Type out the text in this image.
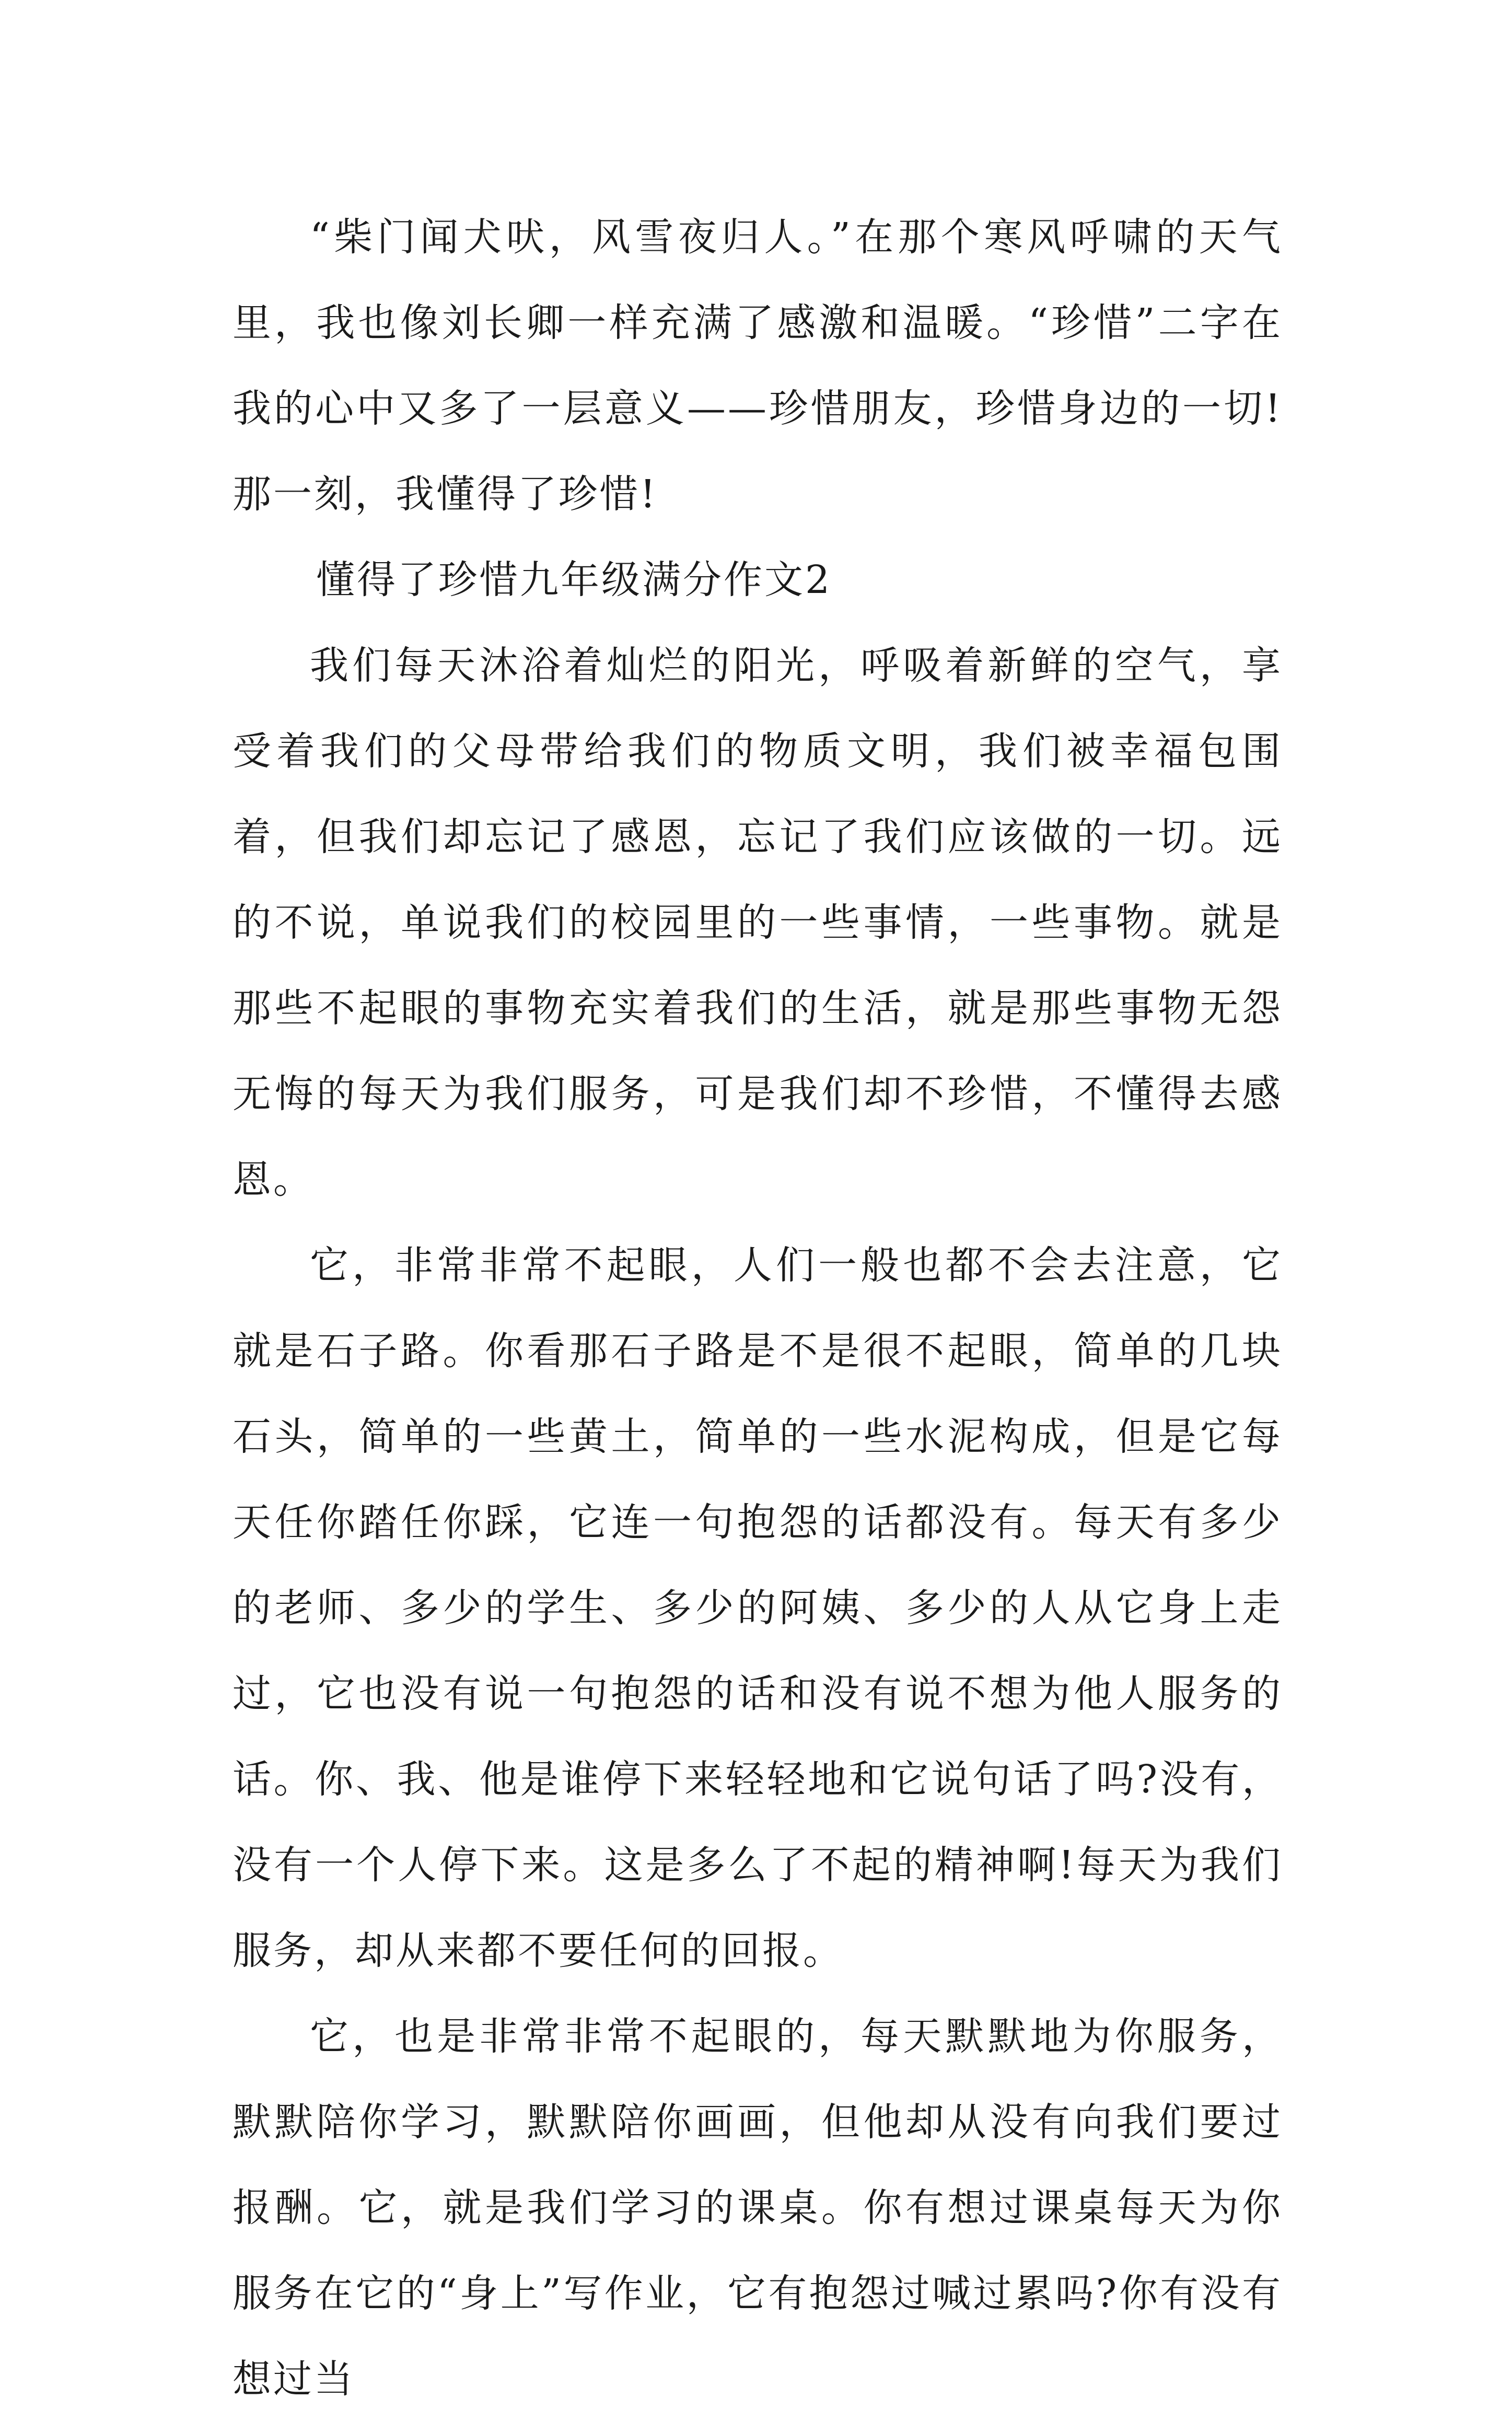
“柴门闻犬吠，风雪夜归人。”在那个寒风呼啸的天气里，我也像刘长卿一样充满了感激和温暖。“珍惜”二字在我的心中又多了一层意义——珍惜朋友，珍惜身边的一切!那一刻，我懂得了珍惜!

懂得了珍惜九年级满分作文2

我们每天沐浴着灿烂的阳光，呼吸着新鲜的空气，享受着我们的父母带给我们的物质文明，我们被幸福包围着，但我们却忘记了感恩，忘记了我们应该做的一切。远的不说，单说我们的校园里的一些事情，一些事物。就是那些不起眼的事物充实着我们的生活，就是那些事物无怨无悔的每天为我们服务，可是我们却不珍惜，不懂得去感恩。

它，非常非常不起眼，人们一般也都不会去注意，它就是石子路。你看那石子路是不是很不起眼，简单的几块石头，简单的一些黄土，简单的一些水泥构成，但是它每天任你踏任你踩，它连一句抱怨的话都没有。每天有多少的老师、多少的学生、多少的阿姨、多少的人从它身上走过，它也没有说一句抱怨的话和没有说不想为他人服务的话。你、我、他是谁停下来轻轻地和它说句话了吗?没有，没有一个人停下来。这是多么了不起的精神啊!每天为我们服务，却从来都不要任何的回报。

它，也是非常非常不起眼的，每天默默地为你服务，默默陪你学习，默默陪你画画，但他却从没有向我们要过报酬。它，就是我们学习的课桌。你有想过课桌每天为你服务在它的“身上”写作业，它有抱怨过喊过累吗?你有没有想过当
